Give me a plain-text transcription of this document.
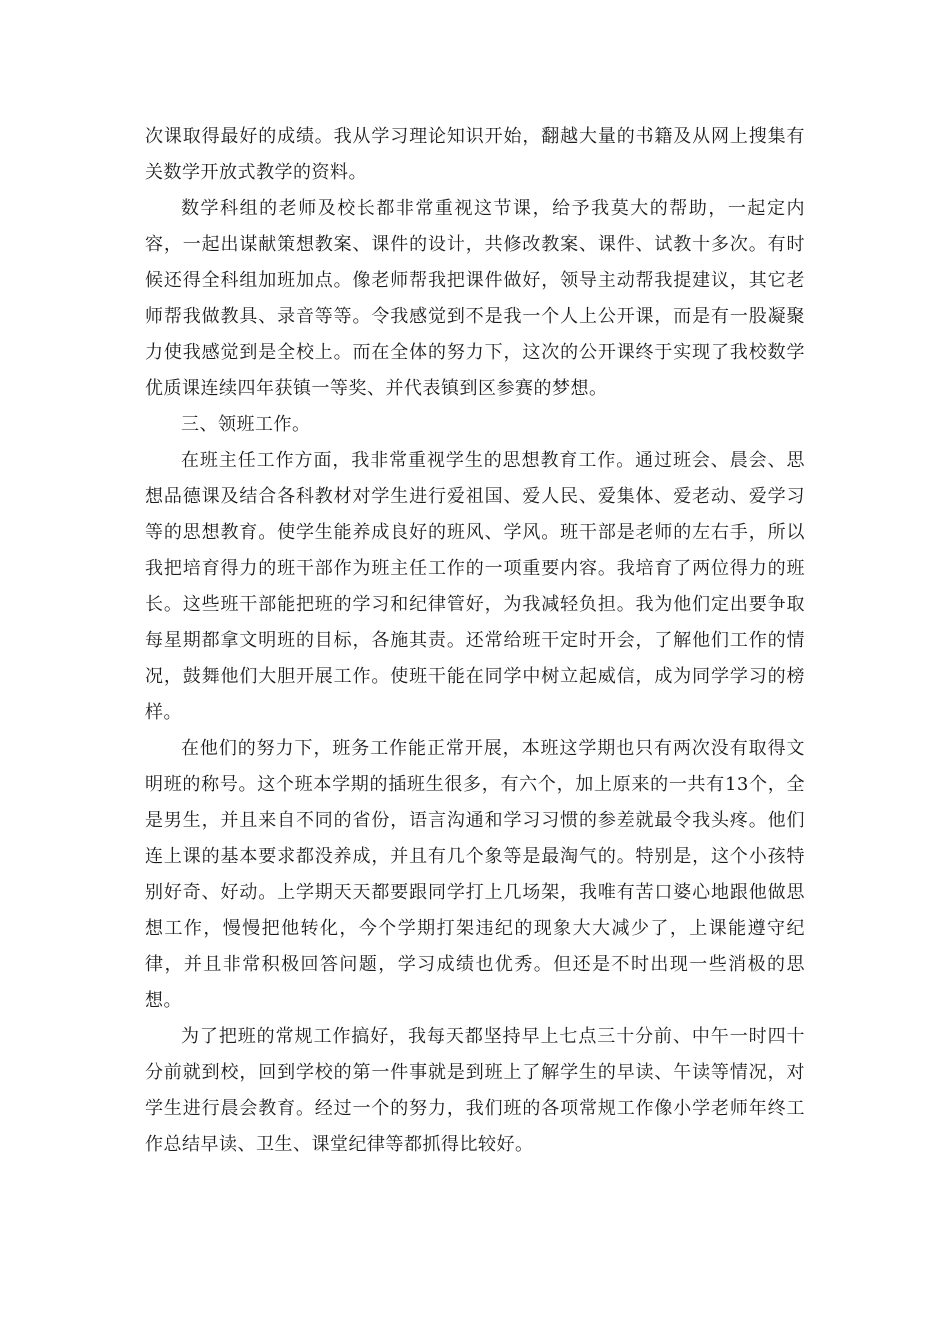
次课取得最好的成绩。我从学习理论知识开始，翻越大量的书籍及从网上搜集有关数学开放式教学的资料。

数学科组的老师及校长都非常重视这节课，给予我莫大的帮助，一起定内容，一起出谋献策想教案、课件的设计，共修改教案、课件、试教十多次。有时候还得全科组加班加点。像老师帮我把课件做好，领导主动帮我提建议，其它老师帮我做教具、录音等等。令我感觉到不是我一个人上公开课，而是有一股凝聚力使我感觉到是全校上。而在全体的努力下，这次的公开课终于实现了我校数学优质课连续四年获镇一等奖、并代表镇到区参赛的梦想。

三、领班工作。

在班主任工作方面，我非常重视学生的思想教育工作。通过班会、晨会、思想品德课及结合各科教材对学生进行爱祖国、爱人民、爱集体、爱老动、爱学习等的思想教育。使学生能养成良好的班风、学风。班干部是老师的左右手，所以我把培育得力的班干部作为班主任工作的一项重要内容。我培育了两位得力的班长。这些班干部能把班的学习和纪律管好，为我减轻负担。我为他们定出要争取每星期都拿文明班的目标，各施其责。还常给班干定时开会，了解他们工作的情况，鼓舞他们大胆开展工作。使班干能在同学中树立起威信，成为同学学习的榜样。

在他们的努力下，班务工作能正常开展，本班这学期也只有两次没有取得文明班的称号。这个班本学期的插班生很多，有六个，加上原来的一共有13个，全是男生，并且来自不同的省份，语言沟通和学习习惯的参差就最令我头疼。他们连上课的基本要求都没养成，并且有几个象等是最淘气的。特别是，这个小孩特别好奇、好动。上学期天天都要跟同学打上几场架，我唯有苦口婆心地跟他做思想工作，慢慢把他转化，今个学期打架违纪的现象大大减少了，上课能遵守纪律，并且非常积极回答问题，学习成绩也优秀。但还是不时出现一些消极的思想。

为了把班的常规工作搞好，我每天都坚持早上七点三十分前、中午一时四十分前就到校，回到学校的第一件事就是到班上了解学生的早读、午读等情况，对学生进行晨会教育。经过一个的努力，我们班的各项常规工作像小学老师年终工作总结早读、卫生、课堂纪律等都抓得比较好。
